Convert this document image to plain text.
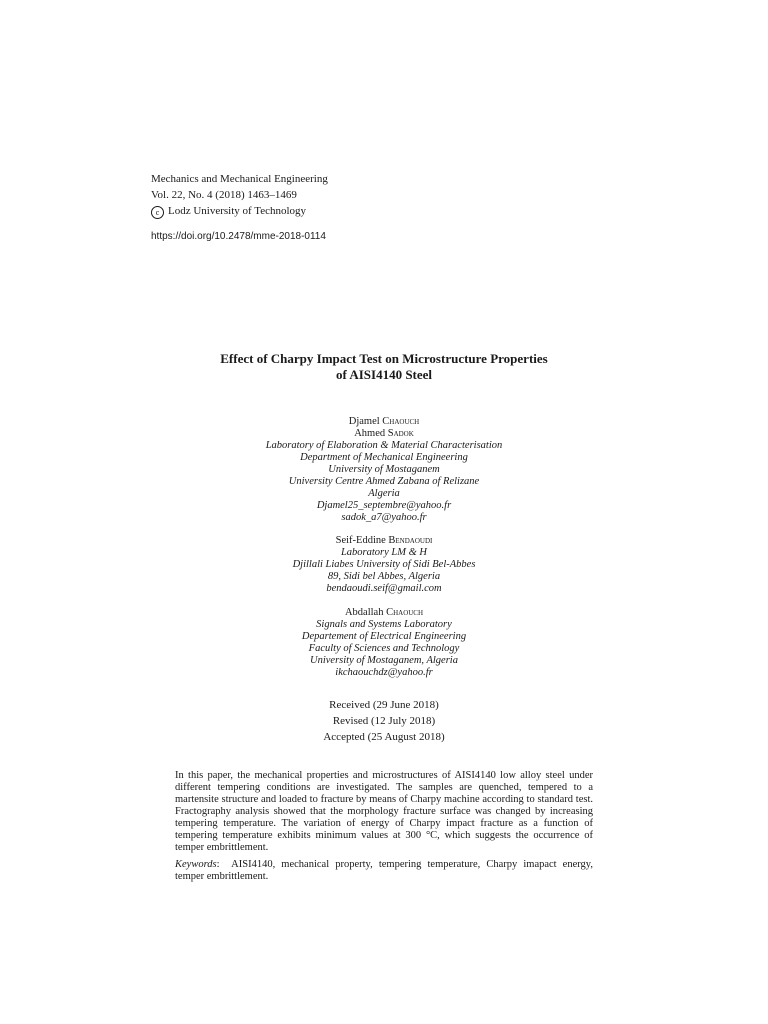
Mechanics and Mechanical Engineering
Vol. 22, No. 4 (2018) 1463–1469
c Lodz University of Technology
https://doi.org/10.2478/mme-2018-0114
Effect of Charpy Impact Test on Microstructure Properties
of AISI4140 Steel
Djamel Chaouch
Ahmed Sadok
Laboratory of Elaboration & Material Characterisation
Department of Mechanical Engineering
University of Mostaganem
University Centre Ahmed Zabana of Relizane
Algeria
Djamel25_septembre@yahoo.fr
sadok_a7@yahoo.fr
Seif-Eddine Bendaoudi
Laboratory LM & H
Djillali Liabes University of Sidi Bel-Abbes
89, Sidi bel Abbes, Algeria
bendaoudi.seif@gmail.com
Abdallah Chaouch
Signals and Systems Laboratory
Departement of Electrical Engineering
Faculty of Sciences and Technology
University of Mostaganem, Algeria
ikchaouchdz@yahoo.fr
Received (29 June 2018)
Revised (12 July 2018)
Accepted (25 August 2018)

In this paper, the mechanical properties and microstructures of AISI4140 low alloy steel under different tempering conditions are investigated. The samples are quenched, tempered to a martensite structure and loaded to fracture by means of Charpy machine according to standard test. Fractography analysis showed that the morphology fracture surface was changed by increasing tempering temperature. The variation of energy of Charpy impact fracture as a function of tempering temperature exhibits minimum values at 300 °C, which suggests the occurrence of temper embrittlement.

Keywords:  AISI4140, mechanical property, tempering temperature, Charpy imapact energy, temper embrittlement.
